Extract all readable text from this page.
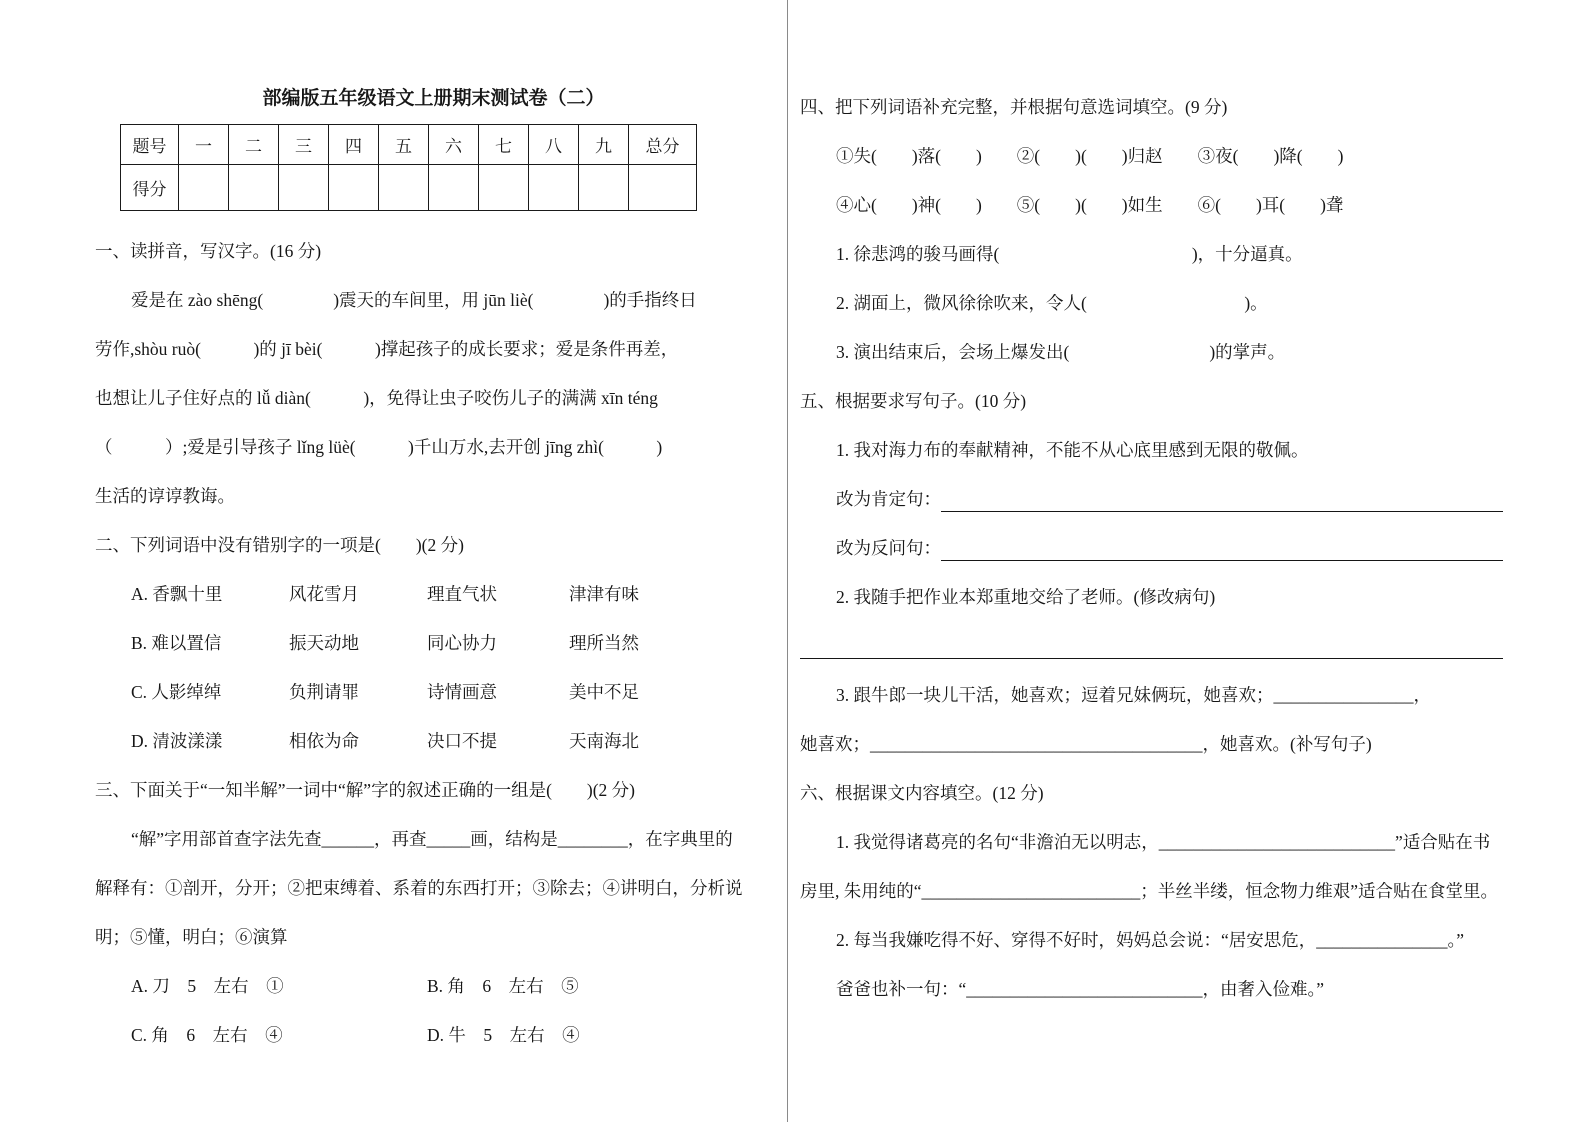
部编版五年级语文上册期末测试卷（二）
题号	一	二	三	四	五	六	七	八	九	总分
得分										
一、读拼音，写汉字。(16 分)
爱是在 zào shēng(　　　　)震天的车间里，用 jūn liè(　　　　)的手指终日
劳作,shòu ruò(　　　)的 jī bèi(　　　)撑起孩子的成长要求；爱是条件再差，
也想让儿子住好点的 lǚ diàn(　　　)，免得让虫子咬伤儿子的满满 xīn téng
（　　　）;爱是引导孩子 lǐng lüè(　　　)千山万水,去开创 jīng zhì(　　　)
生活的谆谆教诲。
二、下列词语中没有错别字的一项是(　　)(2 分)
A. 香飘十里	风花雪月	理直气状	津津有味
B. 难以置信	振天动地	同心协力	理所当然
C. 人影绰绰	负荆请罪	诗情画意	美中不足
D. 清波漾漾	相依为命	决口不提	天南海北
三、下面关于“一知半解”一词中“解”字的叙述正确的一组是(　　)(2 分)
“解”字用部首查字法先查______，再查_____画，结构是________，在字典里的
解释有：①剖开，分开；②把束缚着、系着的东西打开；③除去；④讲明白，分析说
明；⑤懂，明白；⑥演算
A. 刀　5　左右　①	B. 角　6　左右　⑤
C. 角　6　左右　④	D. 牛　5　左右　④
四、把下列词语补充完整，并根据句意选词填空。(9 分)
①失(　　)落(　　)　　②(　　)(　　)归赵　　③夜(　　)降(　　)
④心(　　)神(　　)　　⑤(　　)(　　)如生　　⑥(　　)耳(　　)聋
1. 徐悲鸿的骏马画得(　　　　　　　　　　　)，十分逼真。
2. 湖面上，微风徐徐吹来，令人(　　　　　　　　　)。
3. 演出结束后，会场上爆发出(　　　　　　　　)的掌声。
五、根据要求写句子。(10 分)
1. 我对海力布的奉献精神，不能不从心底里感到无限的敬佩。
改为肯定句：
改为反问句：
2. 我随手把作业本郑重地交给了老师。(修改病句)
3. 跟牛郎一块儿干活，她喜欢；逗着兄妹俩玩，她喜欢；________________，
她喜欢；______________________________________，她喜欢。(补写句子)
六、根据课文内容填空。(12 分)
1. 我觉得诸葛亮的名句“非澹泊无以明志，___________________________”适合贴在书
房里, 朱用纯的“_________________________；半丝半缕，恒念物力维艰”适合贴在食堂里。
2. 每当我嫌吃得不好、穿得不好时，妈妈总会说：“居安思危，_______________。”
爸爸也补一句：“___________________________，由奢入俭难。”
